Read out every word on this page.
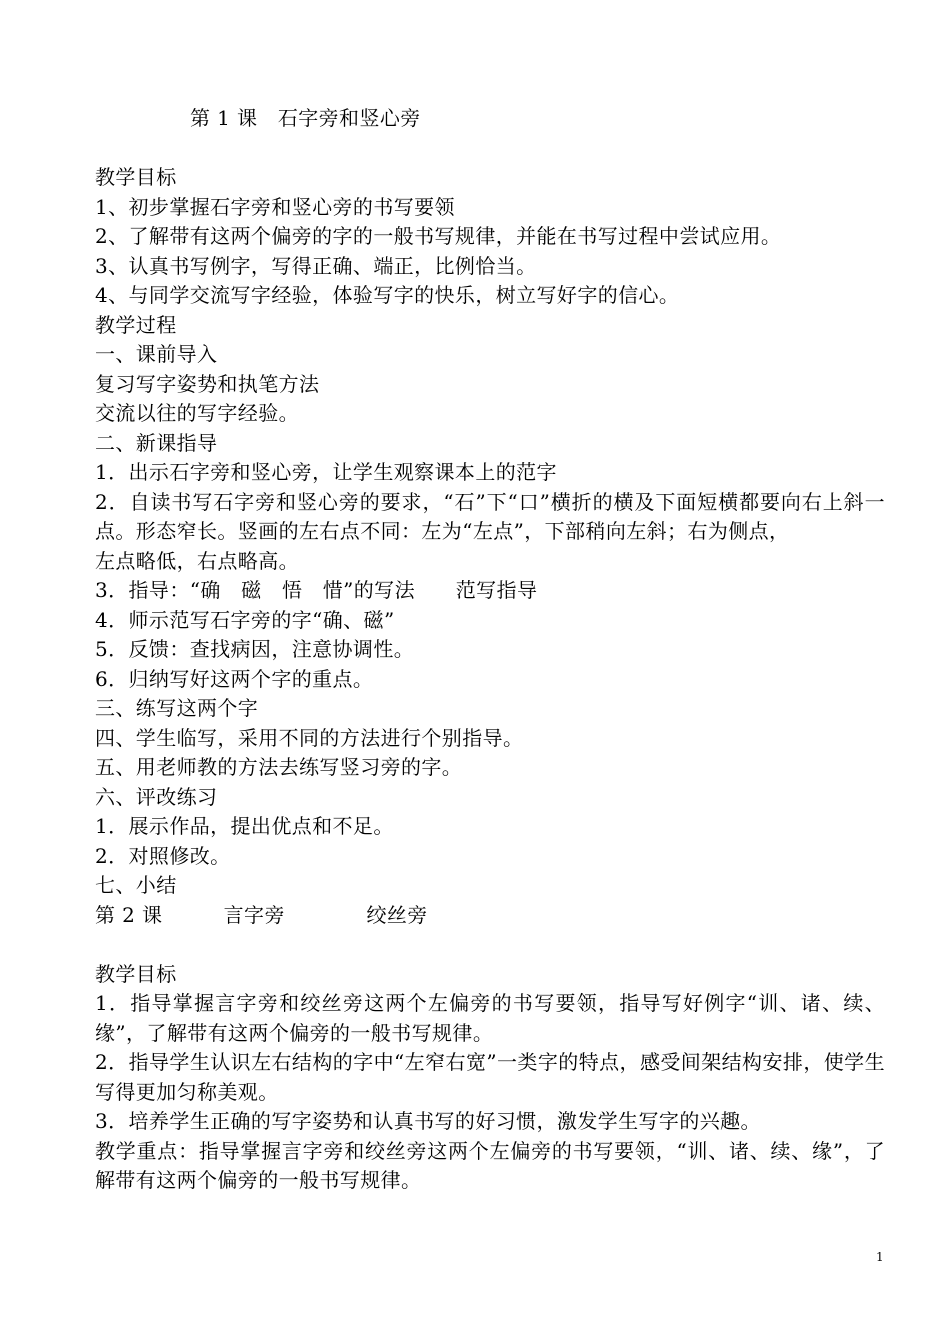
第 1 课　石字旁和竖心旁

教学目标

1、初步掌握石字旁和竖心旁的书写要领

2、了解带有这两个偏旁的字的一般书写规律，并能在书写过程中尝试应用。

3、认真书写例字，写得正确、端正，比例恰当。

4、与同学交流写字经验，体验写字的快乐，树立写好字的信心。

教学过程

一、课前导入

复习写字姿势和执笔方法

交流以往的写字经验。

二、新课指导

1．出示石字旁和竖心旁，让学生观察课本上的范字

2．自读书写石字旁和竖心旁的要求，“石”下“口”横折的横及下面短横都要向右上斜一点。形态窄长。竖画的左右点不同：左为“左点”，下部稍向左斜；右为侧点，

左点略低，右点略高。

3．指导：“确　磁　悟　惜”的写法　　范写指导

4．师示范写石字旁的字“确、磁”

5．反馈：查找病因，注意协调性。

6．归纳写好这两个字的重点。

三、练写这两个字

四、学生临写，采用不同的方法进行个别指导。

五、用老师教的方法去练写竖习旁的字。

六、评改练习

1．展示作品，提出优点和不足。

2．对照修改。

七、小结

第 2 课　　　言字旁　　　　绞丝旁

教学目标

1．指导掌握言字旁和绞丝旁这两个左偏旁的书写要领，指导写好例字“训、诸、续、缘”，了解带有这两个偏旁的一般书写规律。

2．指导学生认识左右结构的字中“左窄右宽”一类字的特点，感受间架结构安排，使学生写得更加匀称美观。

3．培养学生正确的写字姿势和认真书写的好习惯，激发学生写字的兴趣。

教学重点：指导掌握言字旁和绞丝旁这两个左偏旁的书写要领，“训、诸、续、缘”，了解带有这两个偏旁的一般书写规律。

1
